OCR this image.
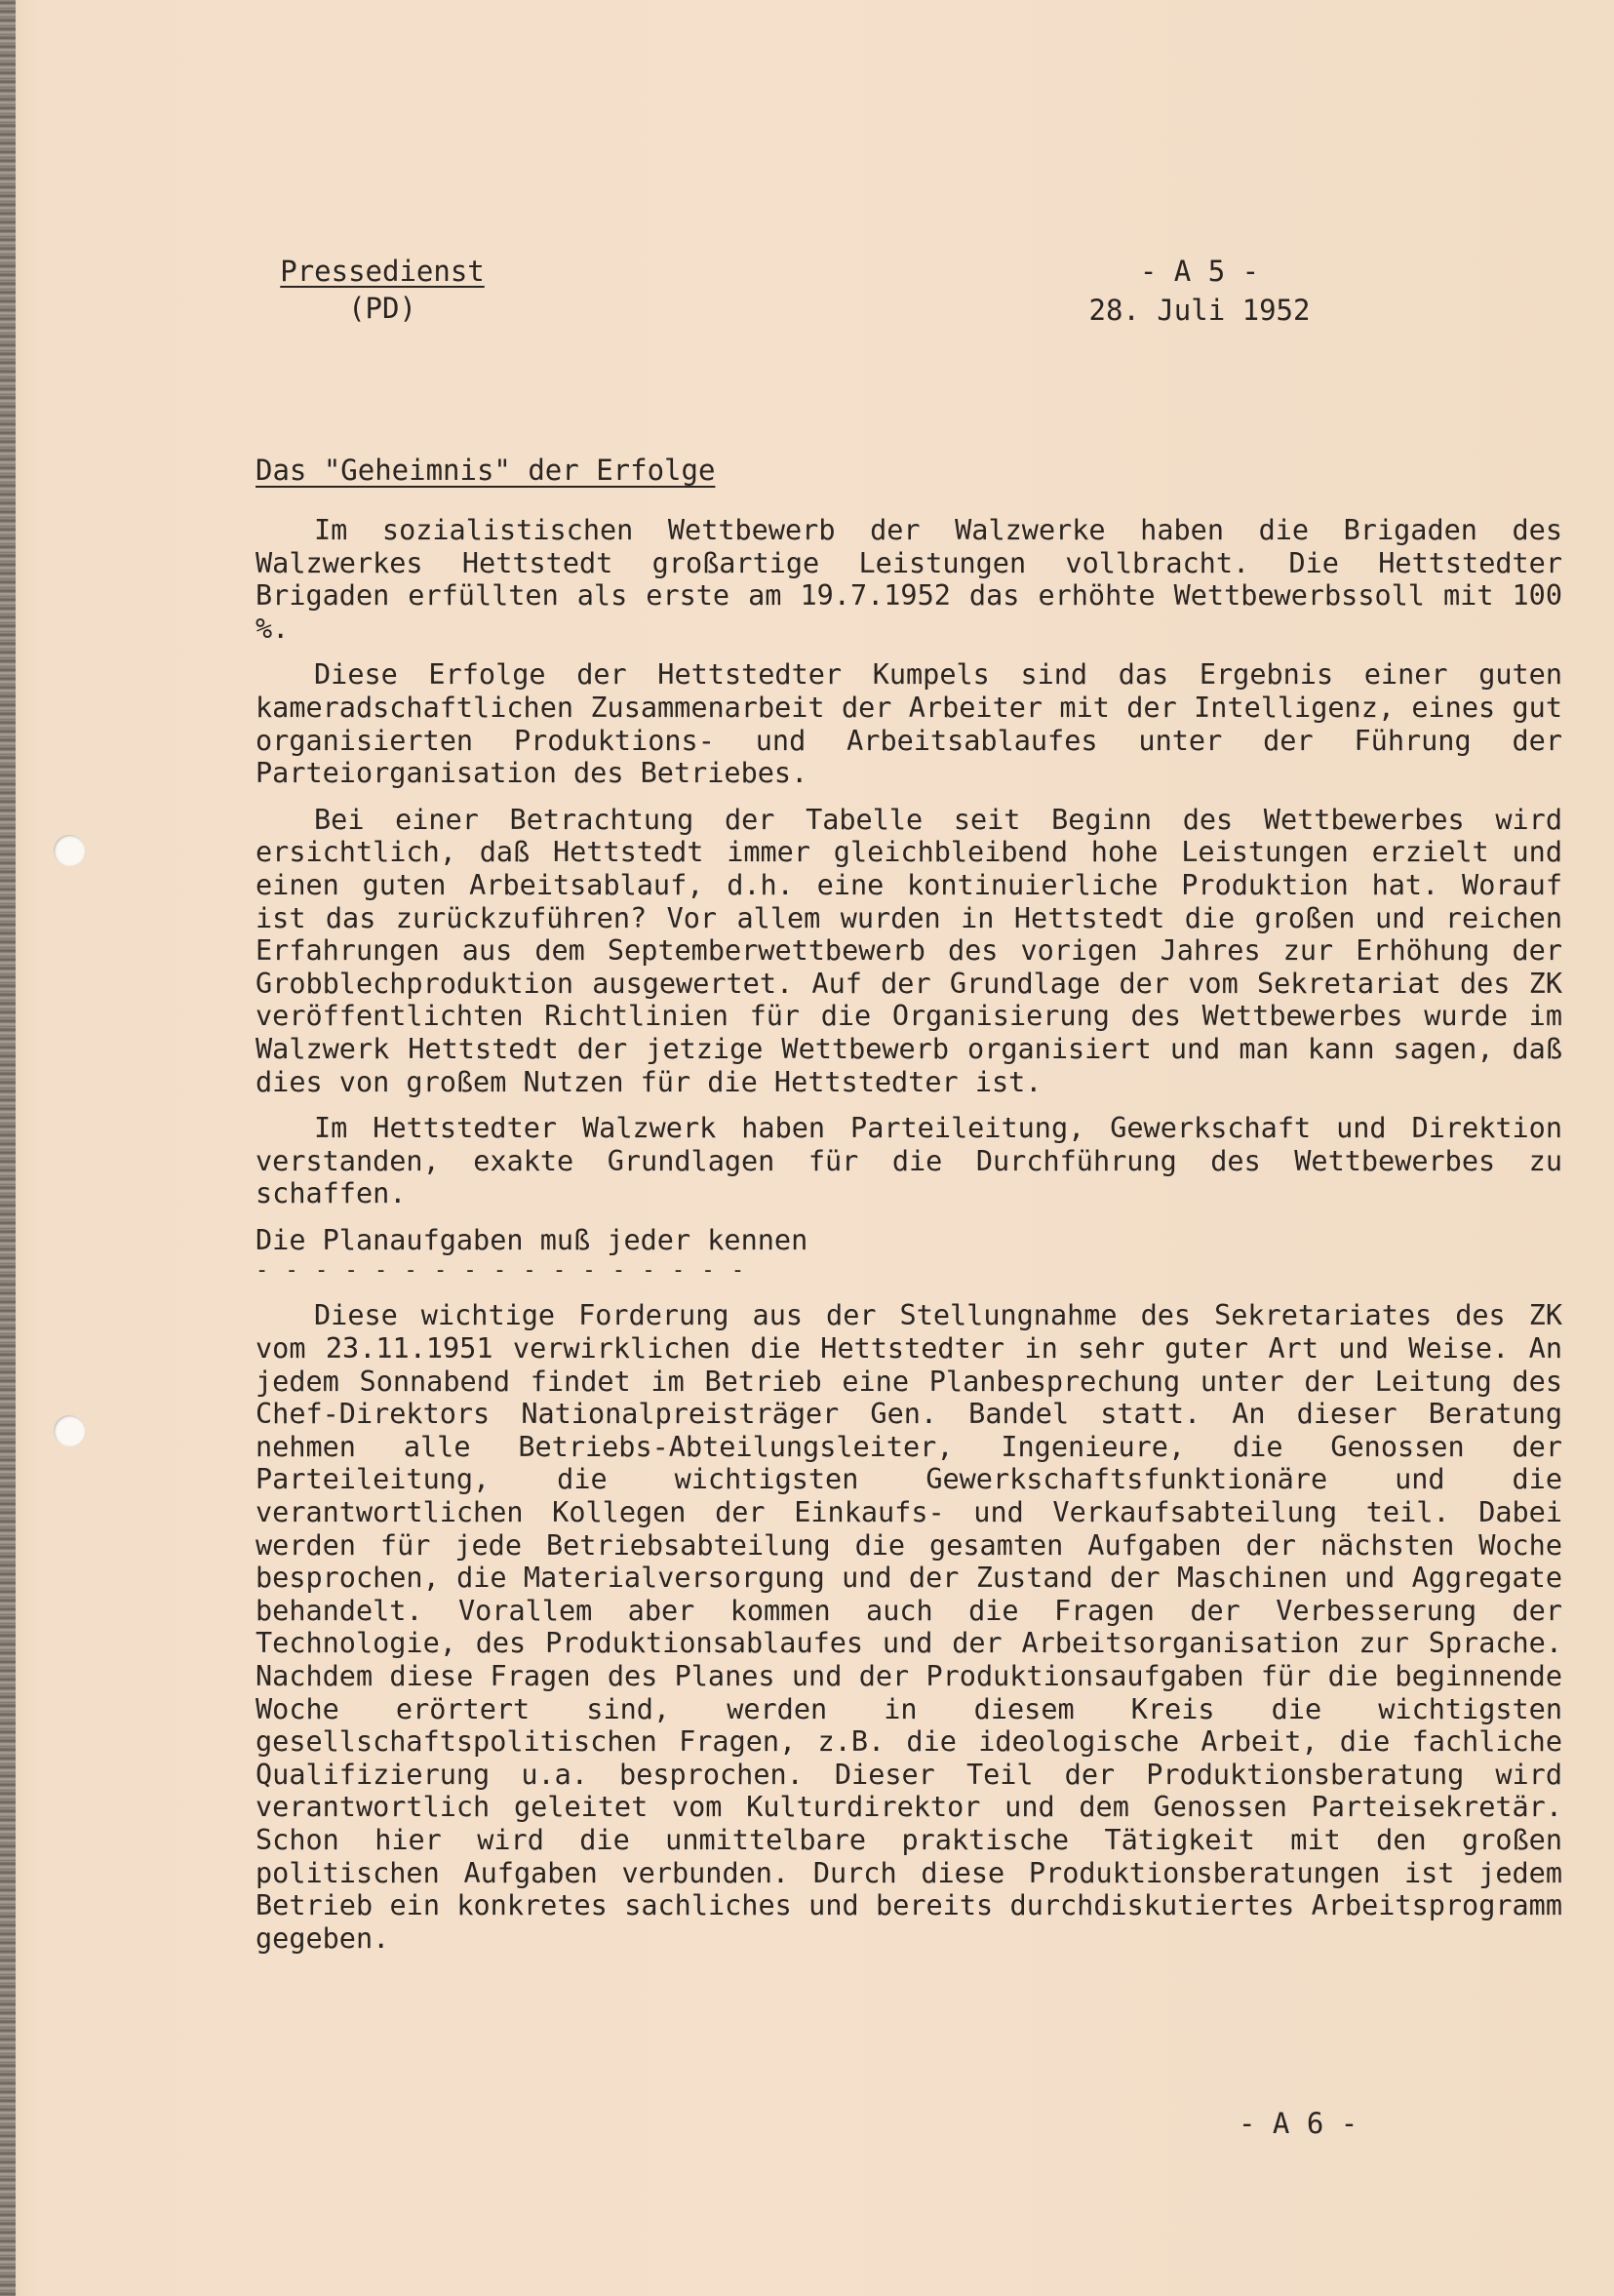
Pressedienst
(PD)
- A 5 -
28. Juli 1952
Das "Geheimnis" der Erfolge

Im sozialistischen Wettbewerb der Walzwerke haben die Brigaden des Walzwerkes Hettstedt großartige Leistungen vollbracht. Die Hettstedter Brigaden erfüllten als erste am 19.7.1952 das erhöhte Wettbewerbssoll mit 100 %.

Diese Erfolge der Hettstedter Kumpels sind das Ergebnis einer guten kameradschaftlichen Zusammenarbeit der Arbeiter mit der Intelligenz, eines gut organisierten Produktions- und Arbeitsablaufes unter der Führung der Parteiorganisation des Betriebes.

Bei einer Betrachtung der Tabelle seit Beginn des Wettbewerbes wird ersichtlich, daß Hettstedt immer gleichbleibend hohe Leistungen erzielt und einen guten Arbeitsablauf, d.h. eine kontinuierliche Produktion hat. Worauf ist das zurückzuführen? Vor allem wurden in Hettstedt die großen und reichen Erfahrungen aus dem Septemberwettbewerb des vorigen Jahres zur Erhöhung der Grobblechproduktion ausgewertet. Auf der Grundlage der vom Sekretariat des ZK veröffentlichten Richtlinien für die Organisierung des Wettbewerbes wurde im Walzwerk Hettstedt der jetzige Wettbewerb organisiert und man kann sagen, daß dies von großem Nutzen für die Hettstedter ist.

Im Hettstedter Walzwerk haben Parteileitung, Gewerkschaft und Direktion verstanden, exakte Grundlagen für die Durchführung des Wettbewerbes zu schaffen.

Die Planaufgaben muß jeder kennen
- - - - - - - - - - - - - - - - -

Diese wichtige Forderung aus der Stellungnahme des Sekretariates des ZK vom 23.11.1951 verwirklichen die Hettstedter in sehr guter Art und Weise. An jedem Sonnabend findet im Betrieb eine Planbesprechung unter der Leitung des Chef-Direktors Nationalpreisträger Gen. Bandel statt. An dieser Beratung nehmen alle Betriebs-Abteilungsleiter, Ingenieure, die Genossen der Parteileitung, die wichtigsten Gewerkschaftsfunktionäre und die verantwortlichen Kollegen der Einkaufs- und Verkaufsabteilung teil. Dabei werden für jede Betriebsabteilung die gesamten Aufgaben der nächsten Woche besprochen, die Materialversorgung und der Zustand der Maschinen und Aggregate behandelt. Vorallem aber kommen auch die Fragen der Verbesserung der Technologie, des Produktionsablaufes und der Arbeitsorganisation zur Sprache. Nachdem diese Fragen des Planes und der Produktionsaufgaben für die beginnende Woche erörtert sind, werden in diesem Kreis die wichtigsten gesellschaftspolitischen Fragen, z.B. die ideologische Arbeit, die fachliche Qualifizierung u.a. besprochen. Dieser Teil der Produktionsberatung wird verantwortlich geleitet vom Kulturdirektor und dem Genossen Parteisekretär. Schon hier wird die unmittelbare praktische Tätigkeit mit den großen politischen Aufgaben verbunden. Durch diese Produktionsberatungen ist jedem Betrieb ein konkretes sachliches und bereits durchdiskutiertes Arbeitsprogramm gegeben.

- A 6 -
